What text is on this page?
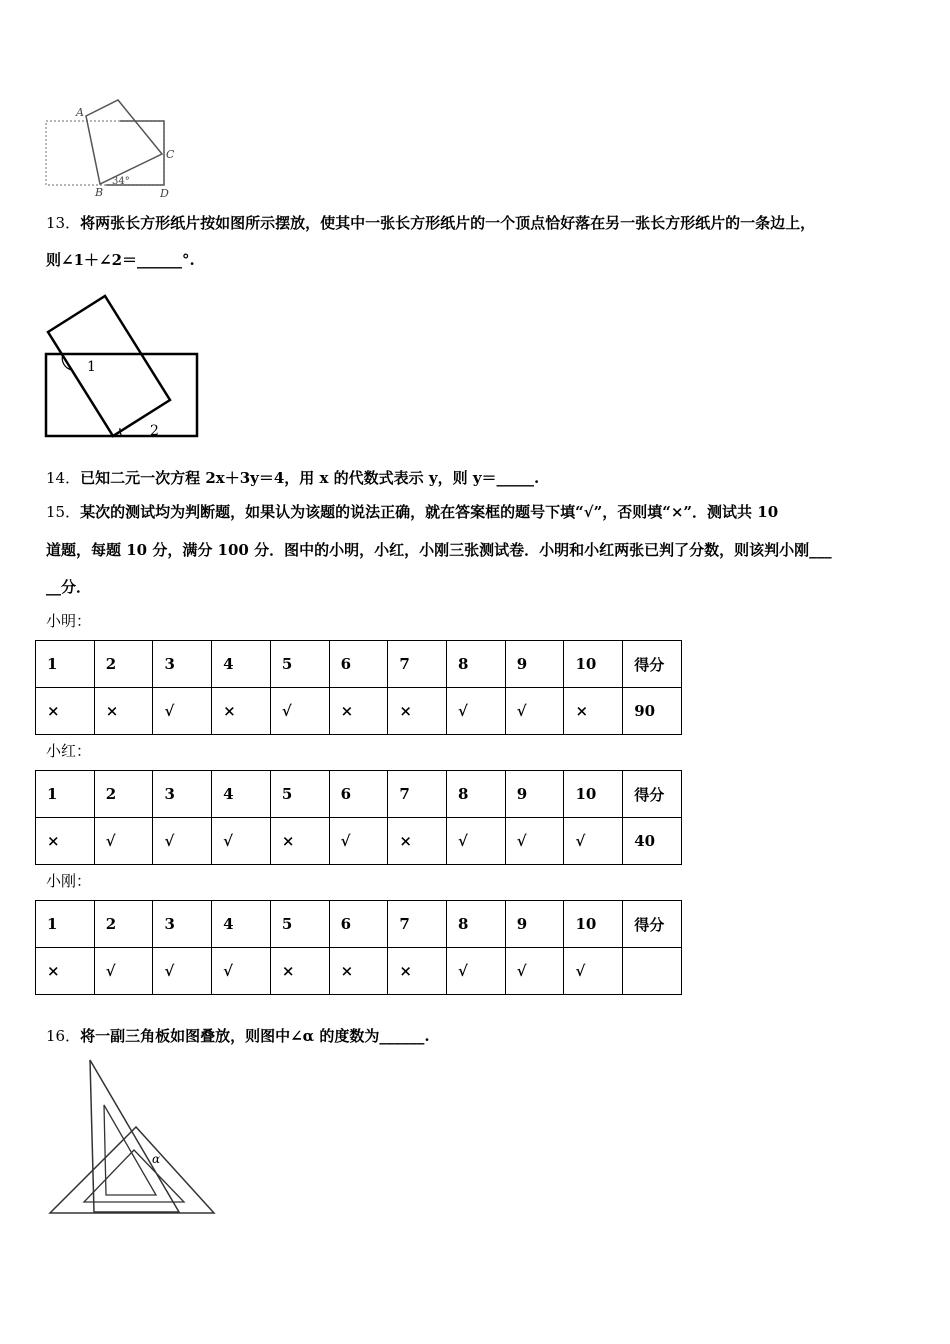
A
B
C
D
34°
13．将两张长方形纸片按如图所示摆放，使其中一张长方形纸片的一个顶点恰好落在另一张长方形纸片的一条边上，
则∠1＋∠2＝______°.
1
2
14．已知二元一次方程 2x＋3y＝4，用 x 的代数式表示 y，则 y＝_____.
15．某次的测试均为判断题，如果认为该题的说法正确，就在答案框的题号下填“√”，否则填“×”．测试共 10
道题，每题 10 分，满分 100 分．图中的小明，小红，小刚三张测试卷．小明和小红两张已判了分数，则该判小刚___
__分．
小明：
1	2	3	4	5	6	7	8	9	10	得分
×	×	√	×	√	×	×	√	√	×	90
小红：
1	2	3	4	5	6	7	8	9	10	得分
×	√	√	√	×	√	×	√	√	√	40
小刚：
1	2	3	4	5	6	7	8	9	10	得分
×	√	√	√	×	×	×	√	√	√	
16．将一副三角板如图叠放，则图中∠α 的度数为______.
α
